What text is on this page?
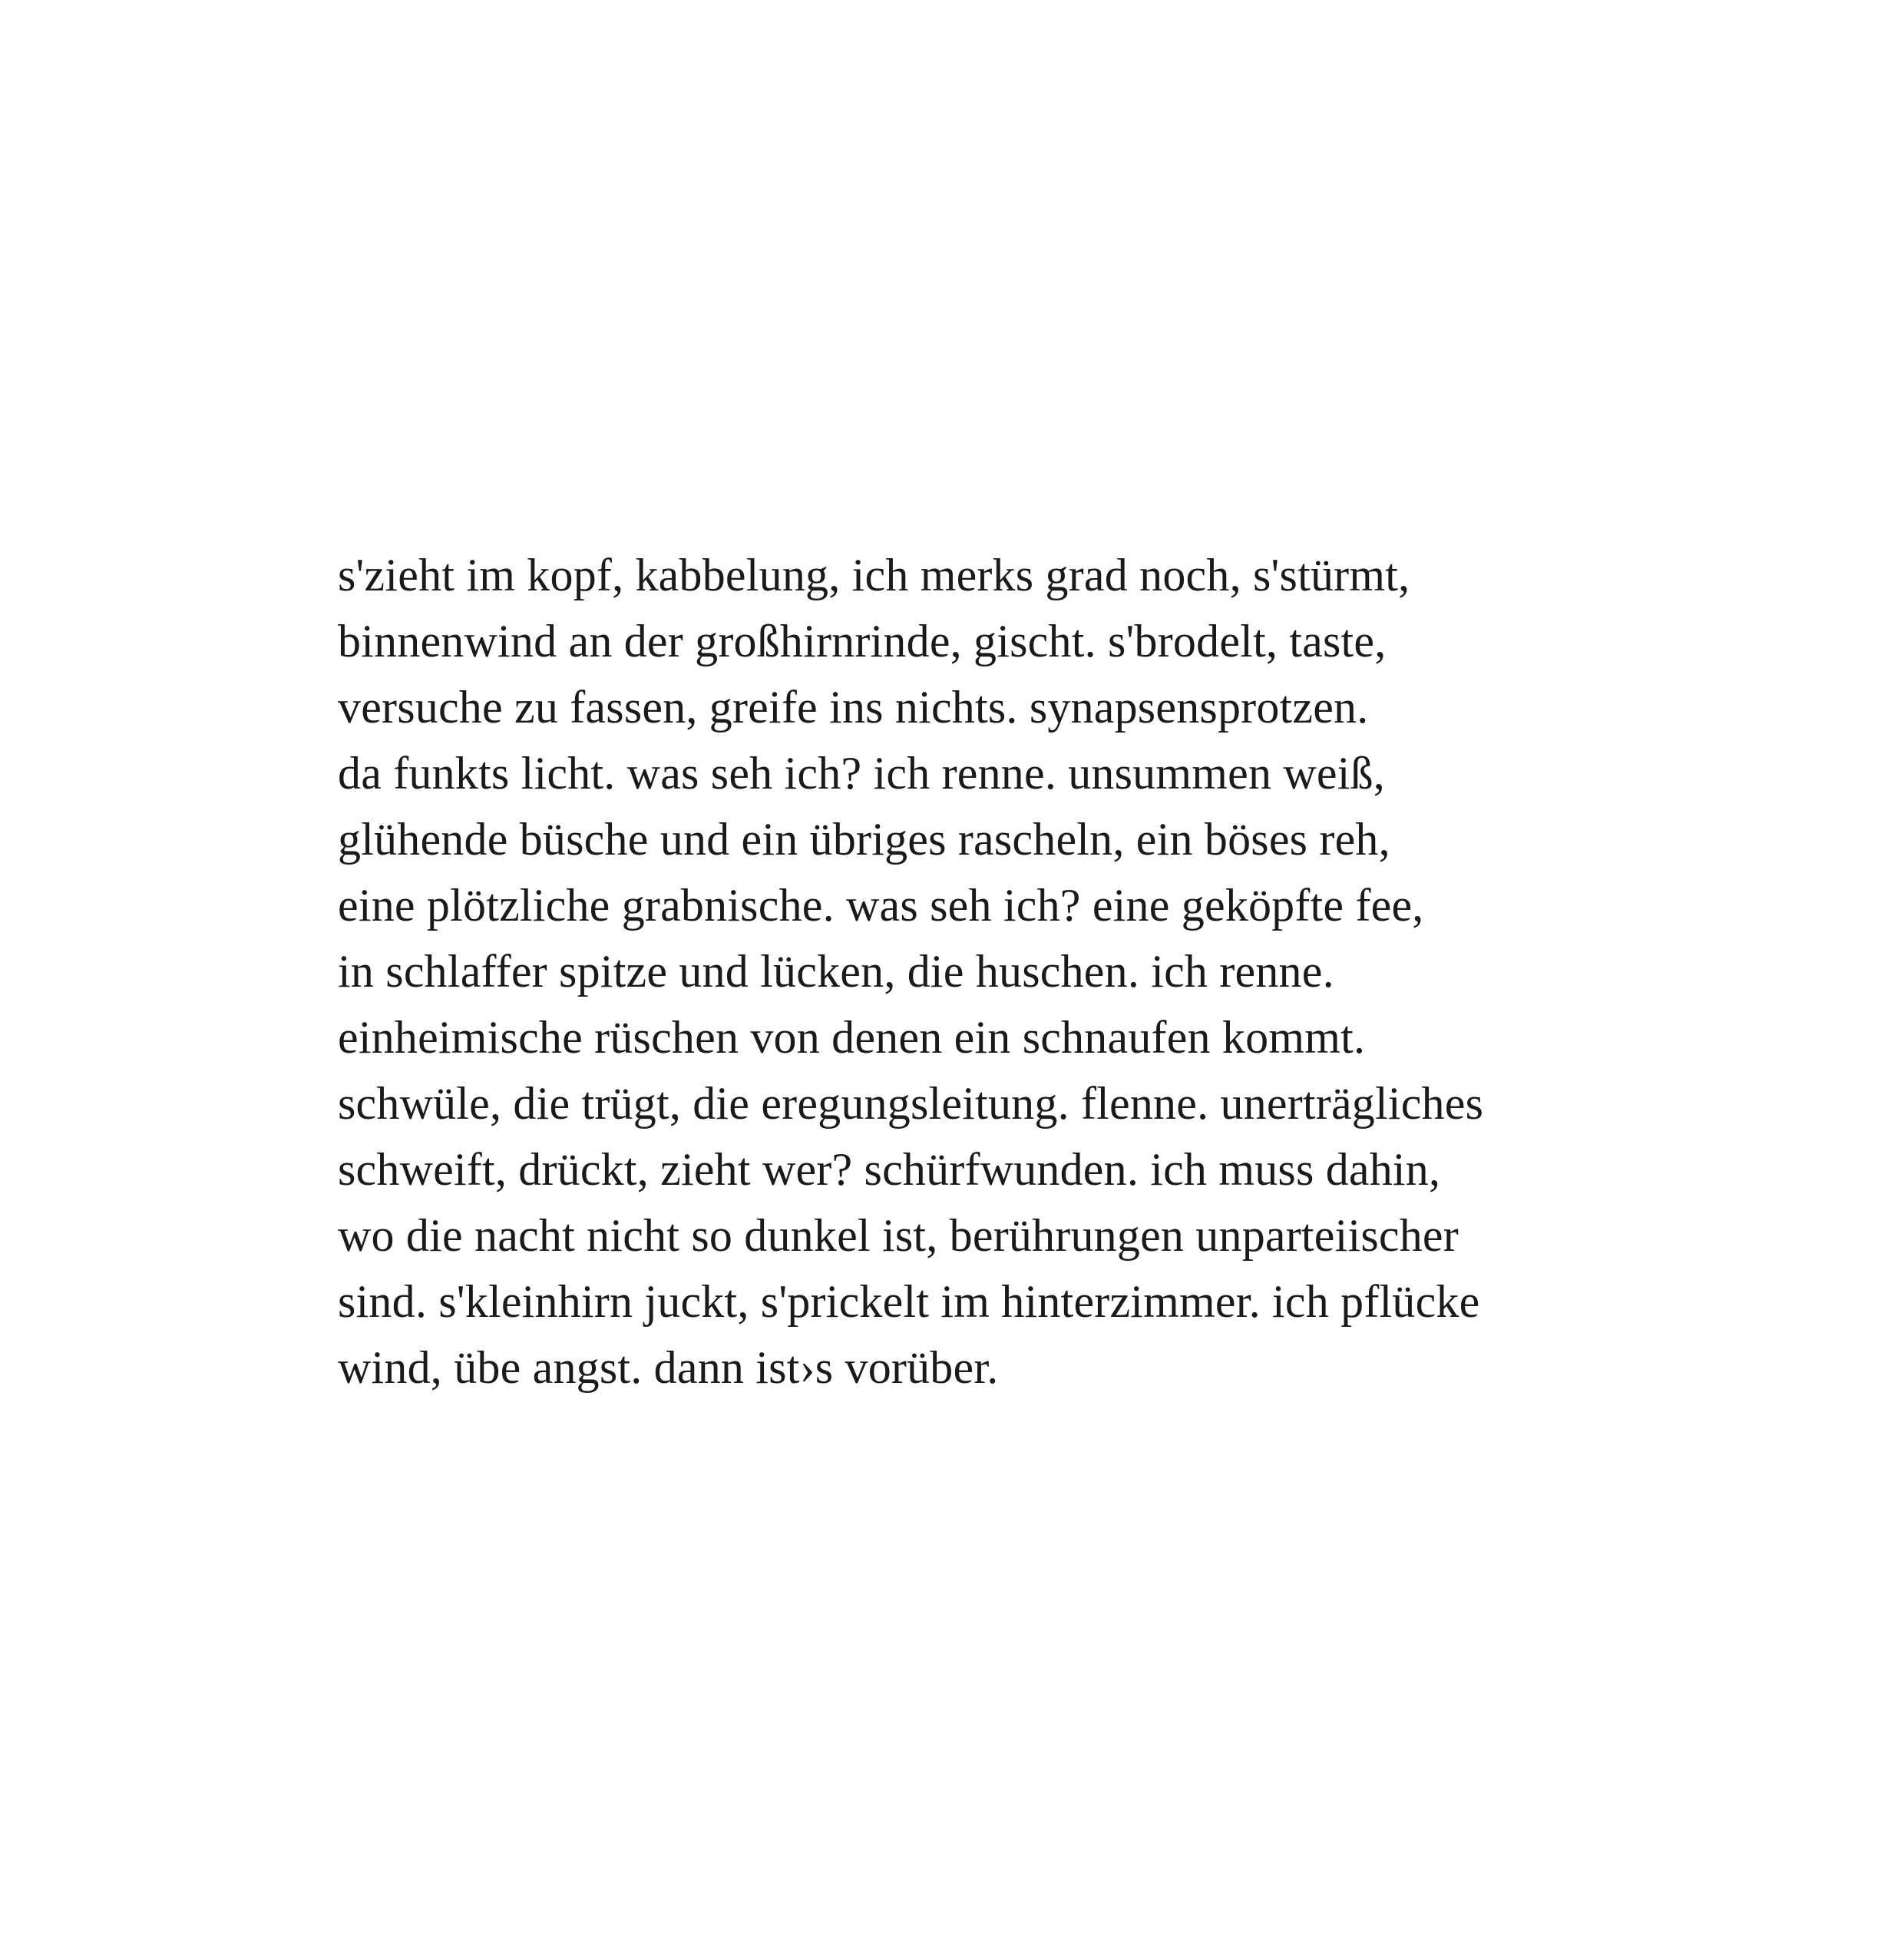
s'zieht im kopf, kabbelung, ich merks grad noch, s'stürmt,
binnenwind an der großhirnrinde, gischt. s'brodelt, taste,
versuche zu fassen, greife ins nichts. synapsensprotzen.
da funkts licht. was seh ich? ich renne. unsummen weiß,
glühende büsche und ein übriges rascheln, ein böses reh,
eine plötzliche grabnische. was seh ich? eine geköpfte fee,
in schlaffer spitze und lücken, die huschen. ich renne.
einheimische rüschen von denen ein schnaufen kommt.
schwüle, die trügt, die eregungsleitung. flenne. unerträgliches
schweift, drückt, zieht wer? schürfwunden. ich muss dahin,
wo die nacht nicht so dunkel ist, berührungen unparteiischer
sind. s'kleinhirn juckt, s'prickelt im hinterzimmer. ich pflücke
wind, übe angst. dann ist›s vorüber.
